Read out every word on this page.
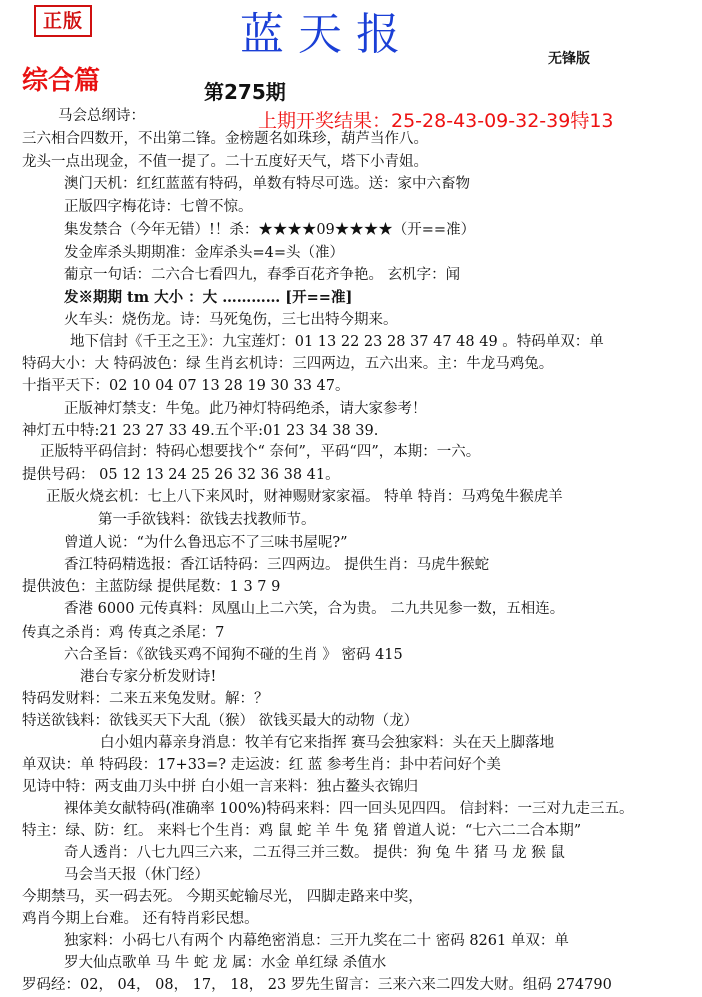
正版	蓝天报	无锋版
综合篇	第275期
上期开奖结果：25-28-43-09-32-39特13
马会总纲诗：
三六相合四数开，不出第二锋。金榜题名如珠珍，葫芦当作八。
龙头一点出现金，不值一提了。二十五度好天气，塔下小青姐。
澳门天机：红红蓝蓝有特码，单数有特尽可选。送：家中六畜物
正版四字梅花诗：七曾不惊。
集发禁合（今年无错）!！杀：★★★★09★★★★（开==准）
发金库杀头期期准：金库杀头=4=头（准）
葡京一句话：二六合七看四九，春季百花齐争艳。 玄机字：闻
发※期期 tm 大小 ：大 ………… [开==准]
火车头：烧伤龙。诗：马死兔伤，三七出特今期来。
地下信封《千王之王》：九宝莲灯：01 13 22 23 28 37 47 48 49 。特码单双：单
特码大小：大 特码波色：绿 生肖玄机诗：三四两边，五六出来。主：牛龙马鸡兔。
十指平天下：02 10 04 07 13 28 19 30 33 47。
正版神灯禁支：牛兔。此乃神灯特码绝杀，请大家参考！
神灯五中特:21 23 27 33 49.五个平:01 23 34 38 39.
正版特平码信封：特码心想要找个“ 奈何”，平码“四”，本期：一六。
提供号码： 05 12 13 24 25 26 32 36 38 41。
正版火烧玄机：七上八下来风时，财神赐财家家福。 特单 特肖：马鸡兔牛猴虎羊
第一手欲钱料：欲钱去找教师节。
曾道人说：“为什么鲁迅忘不了三味书屋呢?”
香江特码精选报：香江话特码：三四两边。 提供生肖：马虎牛猴蛇
提供波色：主蓝防绿 提供尾数：1 3 7 9
香港 6000 元传真料：凤凰山上二六笑，合为贵。 二九共见参一数，五相连。
传真之杀肖：鸡 传真之杀尾：7
六合圣旨：《欲钱买鸡不闻狗不碰的生肖 》 密码 415
港台专家分析发财诗!
特码发财料：二来五来兔发财。解：？
特送欲钱料：欲钱买天下大乱（猴） 欲钱买最大的动物（龙）
白小姐内幕亲身消息：牧羊有它来指挥 赛马会独家料：头在天上脚落地
单双诀：单 特码段：17+33=? 走运波：红 蓝 参考生肖：卦中若问好个美
见诗中特：两支曲刀头中拼 白小姐一言来料：独占鳌头衣锦归
裸体美女献特码(准确率 100%)特码来料：四一回头见四四。 信封料：一三对九走三五。
特主：绿、防：红。 来料七个生肖：鸡 鼠 蛇 羊 牛 兔 猪 曾道人说：“七六二二合本期”
奇人透肖：八七九四三六来，二五得三并三数。 提供：狗 兔 牛 猪 马 龙 猴 鼠
马会当天报（休门经）
今期禁马，买一码去死。 今期买蛇输尽光， 四脚走路来中奖，
鸡肖今期上台难。 还有特肖彩民想。
独家料：小码七八有两个 内幕绝密消息：三开九奖在二十 密码 8261 单双：单
罗大仙点歌单 马 牛 蛇 龙 属：水金 单红绿 杀值水
罗码经：02， 04， 08， 17， 18， 23 罗先生留言：三来六来二四发大财。组码 274790
